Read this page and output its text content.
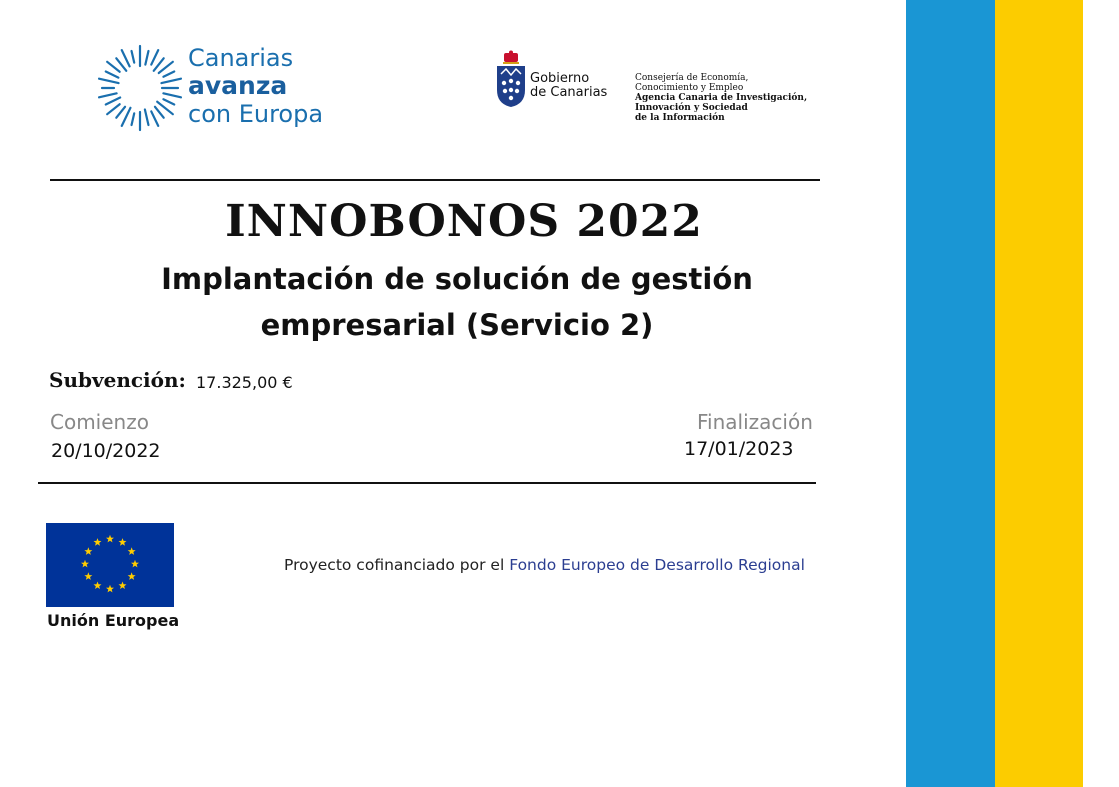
Canarias
avanza
con Europa
Gobierno
de Canarias
Consejería de Economía,
Conocimiento y Empleo
Agencia Canaria de Investigación,
Innovación y Sociedad
de la Información
INNOBONOS 2022
Implantación de solución de gestión
empresarial (Servicio 2)
Subvención: 17.325,00 €
Comienzo
20/10/2022
Finalización
17/01/2023
Unión Europea
Proyecto cofinanciado por el Fondo Europeo de Desarrollo Regional
